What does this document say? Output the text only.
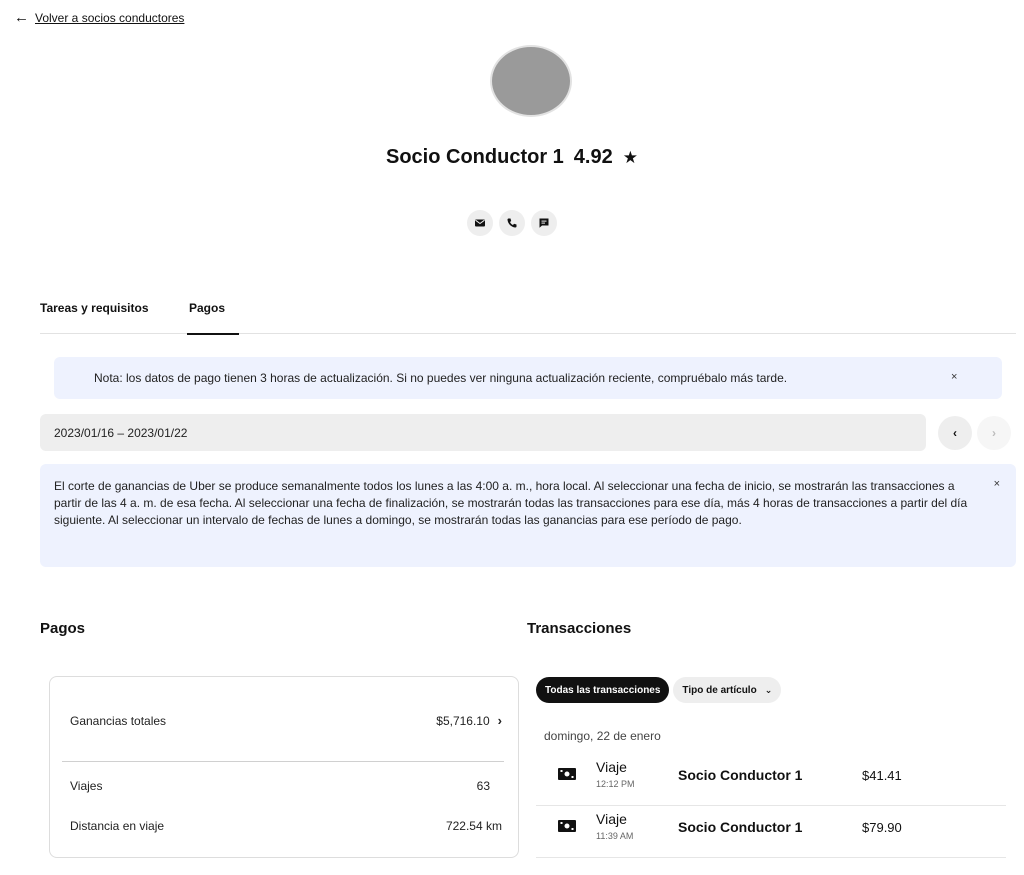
← Volver a socios conductores
Socio Conductor 1 4.92 ★
Tareas y requisitos	Pagos
Nota: los datos de pago tienen 3 horas de actualización. Si no puedes ver ninguna actualización reciente, compruébalo más tarde.	×
2023/01/16 – 2023/01/22	‹	›
El corte de ganancias de Uber se produce semanalmente todos los lunes a las 4:00 a. m., hora local. Al seleccionar una fecha de inicio, se mostrarán las transacciones a partir de las 4 a. m. de esa fecha. Al seleccionar una fecha de finalización, se mostrarán todas las transacciones para ese día, más 4 horas de transacciones a partir del día siguiente. Al seleccionar un intervalo de fechas de lunes a domingo, se mostrarán todas las ganancias para ese período de pago.
×
Pagos	Transacciones
Ganancias totales	$5,716.10 ›
Viajes	63
Distancia en viaje	722.54 km
Todas las transacciones	Tipo de artículo ⌄
domingo, 22 de enero
Viaje
12:12 PM
Socio Conductor 1	$41.41
Viaje
11:39 AM
Socio Conductor 1	$79.90
